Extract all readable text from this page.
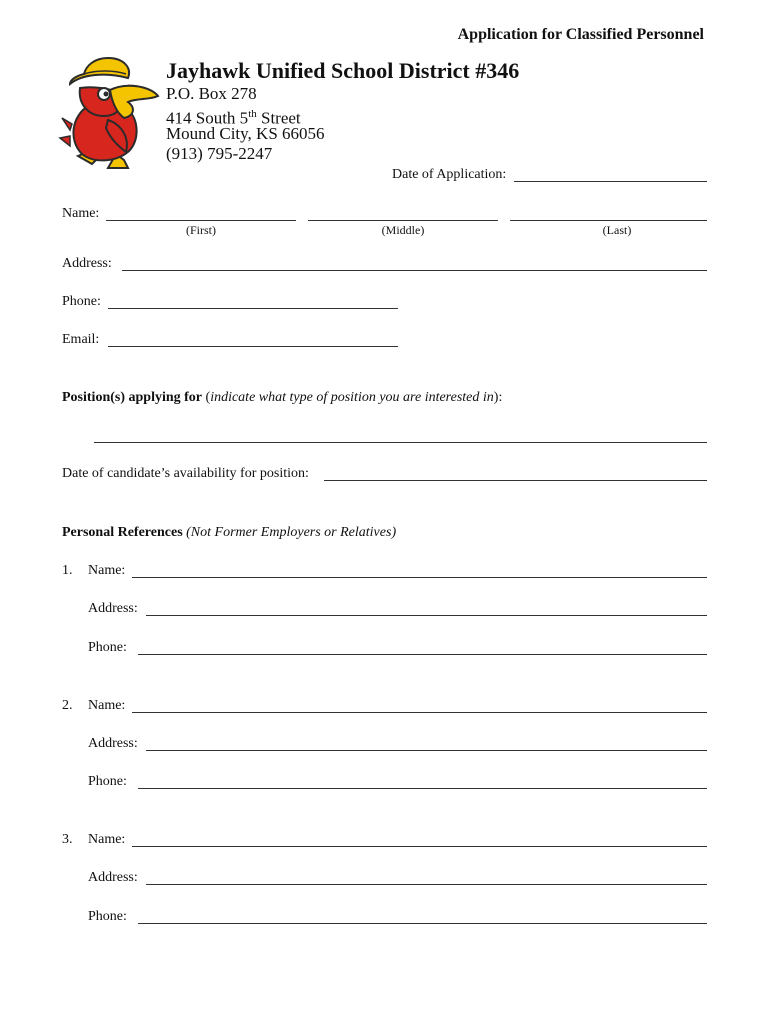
Application for Classified Personnel
Jayhawk Unified School District #346
P.O. Box 278
414 South 5th Street
Mound City, KS 66056
(913) 795-2247
Date of Application:
Name:
(First)	(Middle)	(Last)
Address:
Phone:
Email:
Position(s) applying for (indicate what type of position you are interested in):
Date of candidate’s availability for position:
Personal References (Not Former Employers or Relatives)
1. Name:
Address:
Phone:
2. Name:
Address:
Phone:
3. Name:
Address:
Phone:
